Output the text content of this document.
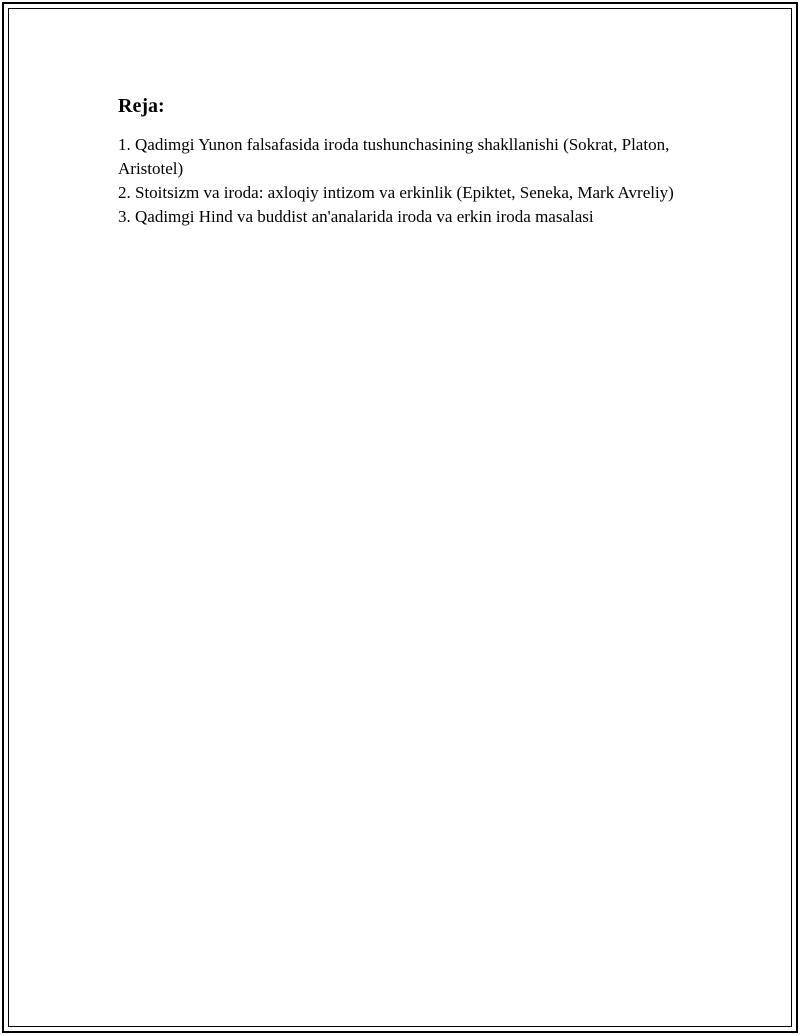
Reja:
1. Qadimgi Yunon falsafasida iroda tushunchasining shakllanishi (Sokrat, Platon, Aristotel)
2. Stoitsizm va iroda: axloqiy intizom va erkinlik (Epiktet, Seneka, Mark Avreliy)
3. Qadimgi Hind va buddist an'analarida iroda va erkin iroda masalasi
